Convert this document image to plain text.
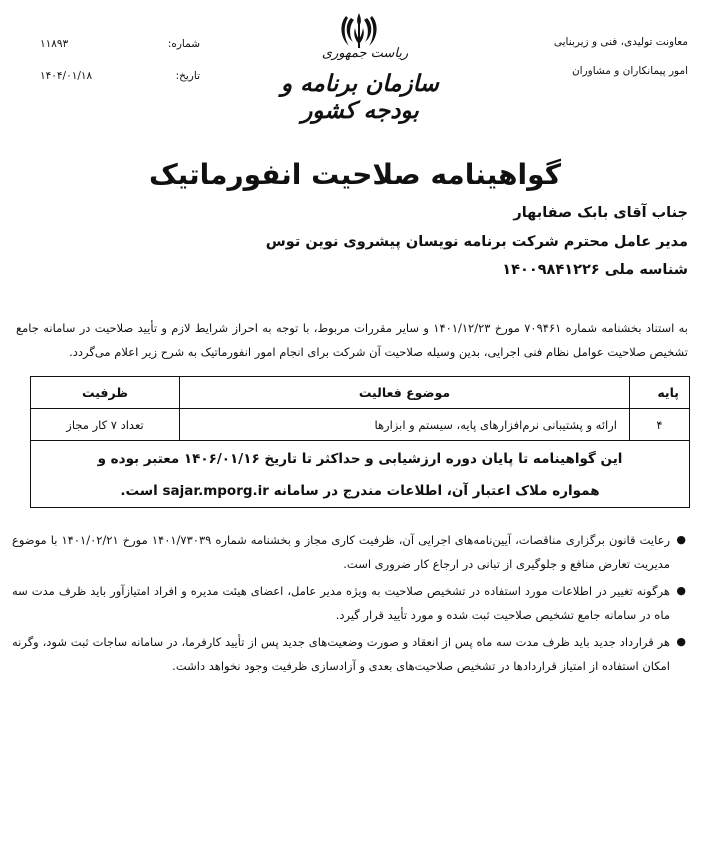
معاونت تولیدی، فنی و زیربنایی
امور پیمانکاران و مشاوران
ریاست جمهوری
سازمان برنامه و بودجه کشور
شماره:
۱۱۸۹۳
تاریخ:
۱۴۰۴/۰۱/۱۸
گواهینامه صلاحیت انفورماتیک
جناب آقای بابک صفابهار
مدیر عامل محترم شرکت برنامه نویسان پیشروی نوین توس
شناسه ملی ۱۴۰۰۹۸۴۱۲۲۶
به استناد بخشنامه شماره ۷۰۹۴۶۱ مورخ ۱۴۰۱/۱۲/۲۳ و سایر مقررات مربوط، با توجه به احراز شرایط لازم و تأیید صلاحیت در سامانه جامع تشخیص صلاحیت عوامل نظام فنی اجرایی، بدین وسیله صلاحیت آن شرکت برای انجام امور انفورماتیک به شرح زیر اعلام می‌گردد.
پایه
موضوع فعالیت
ظرفیت
۴
ارائه و پشتیبانی نرم‌افزارهای پایه، سیستم و ابزارها
تعداد ۷ کار مجاز
این گواهینامه تا پایان دوره ارزشیابی و حداکثر تا تاریخ ۱۴۰۶/۰۱/۱۶ معتبر بوده و
همواره ملاک اعتبار آن، اطلاعات مندرج در سامانه sajar.mporg.ir است.
●
رعایت قانون برگزاری مناقصات، آیین‌نامه‌های اجرایی آن، ظرفیت کاری مجاز و بخشنامه شماره ۱۴۰۱/۷۳۰۳۹ مورخ ۱۴۰۱/۰۲/۲۱ با موضوع مدیریت تعارض منافع و جلوگیری از تبانی در ارجاع کار ضروری است.
●
هرگونه تغییر در اطلاعات مورد استفاده در تشخیص صلاحیت به ویژه مدیر عامل، اعضای هیئت مدیره و افراد امتیازآور باید ظرف مدت سه ماه در سامانه جامع تشخیص صلاحیت ثبت شده و مورد تأیید قرار گیرد.
●
هر قرارداد جدید باید ظرف مدت سه ماه پس از انعقاد و صورت وضعیت‌های جدید پس از تأیید کارفرما، در سامانه ساجات ثبت شود، وگرنه امکان استفاده از امتیاز قراردادها در تشخیص صلاحیت‌های بعدی و آزادسازی ظرفیت وجود نخواهد داشت.
